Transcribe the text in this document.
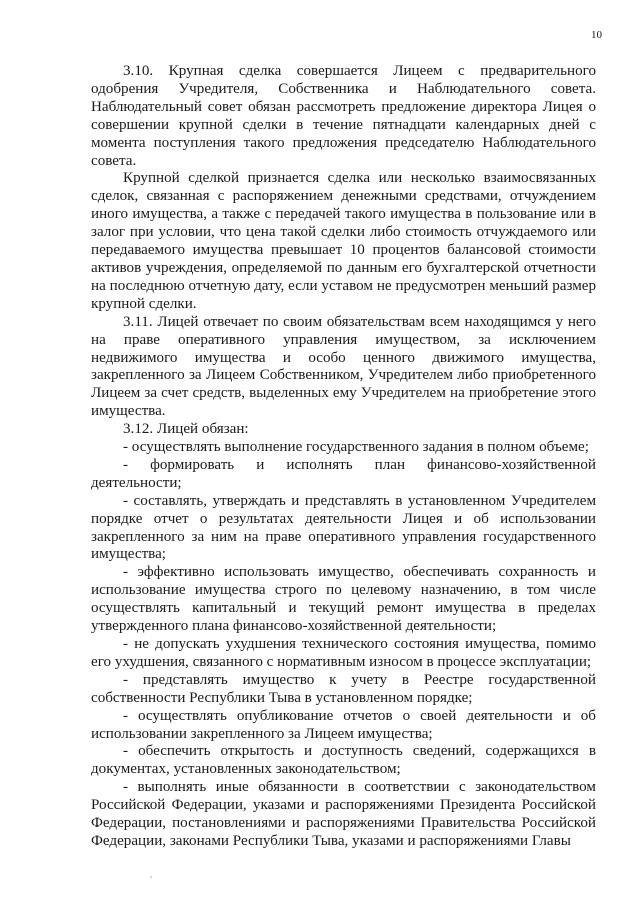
10

3.10. Крупная сделка совершается Лицеем с предварительного одобрения Учредителя, Собственника и Наблюдательного совета. Наблюдательный совет обязан рассмотреть предложение директора Лицея о совершении крупной сделки в течение пятнадцати календарных дней с момента поступления такого предложения председателю Наблюдательного совета.

Крупной сделкой признается сделка или несколько взаимосвязанных сделок, связанная с распоряжением денежными средствами, отчуждением иного имущества, а также с передачей такого имущества в пользование или в залог при условии, что цена такой сделки либо стоимость отчуждаемого или передаваемого имущества превышает 10 процентов балансовой стоимости активов учреждения, определяемой по данным его бухгалтерской отчетности на последнюю отчетную дату, если уставом не предусмотрен меньший размер крупной сделки.

3.11. Лицей отвечает по своим обязательствам всем находящимся у него на праве оперативного управления имуществом, за исключением недвижимого имущества и особо ценного движимого имущества, закрепленного за Лицеем Собственником, Учредителем либо приобретенного Лицеем за счет средств, выделенных ему Учредителем на приобретение этого имущества.

3.12. Лицей обязан:

- осуществлять выполнение государственного задания в полном объеме;

- формировать и исполнять план финансово-хозяйственной деятельности;

- составлять, утверждать и представлять в установленном Учредителем порядке отчет о результатах деятельности Лицея и об использовании закрепленного за ним на праве оперативного управления государственного имущества;

- эффективно использовать имущество, обеспечивать сохранность и использование имущества строго по целевому назначению, в том числе осуществлять капитальный и текущий ремонт имущества в пределах утвержденного плана финансово-хозяйственной деятельности;

- не допускать ухудшения технического состояния имущества, помимо его ухудшения, связанного с нормативным износом в процессе эксплуатации;

- представлять имущество к учету в Реестре государственной собственности Республики Тыва в установленном порядке;

- осуществлять опубликование отчетов о своей деятельности и об использовании закрепленного за Лицеем имущества;

- обеспечить открытость и доступность сведений, содержащихся в документах, установленных законодательством;

- выполнять иные обязанности в соответствии с законодательством Российской Федерации, указами и распоряжениями Президента Российской Федерации, постановлениями и распоряжениями Правительства Российской Федерации, законами Республики Тыва, указами и распоряжениями Главы
